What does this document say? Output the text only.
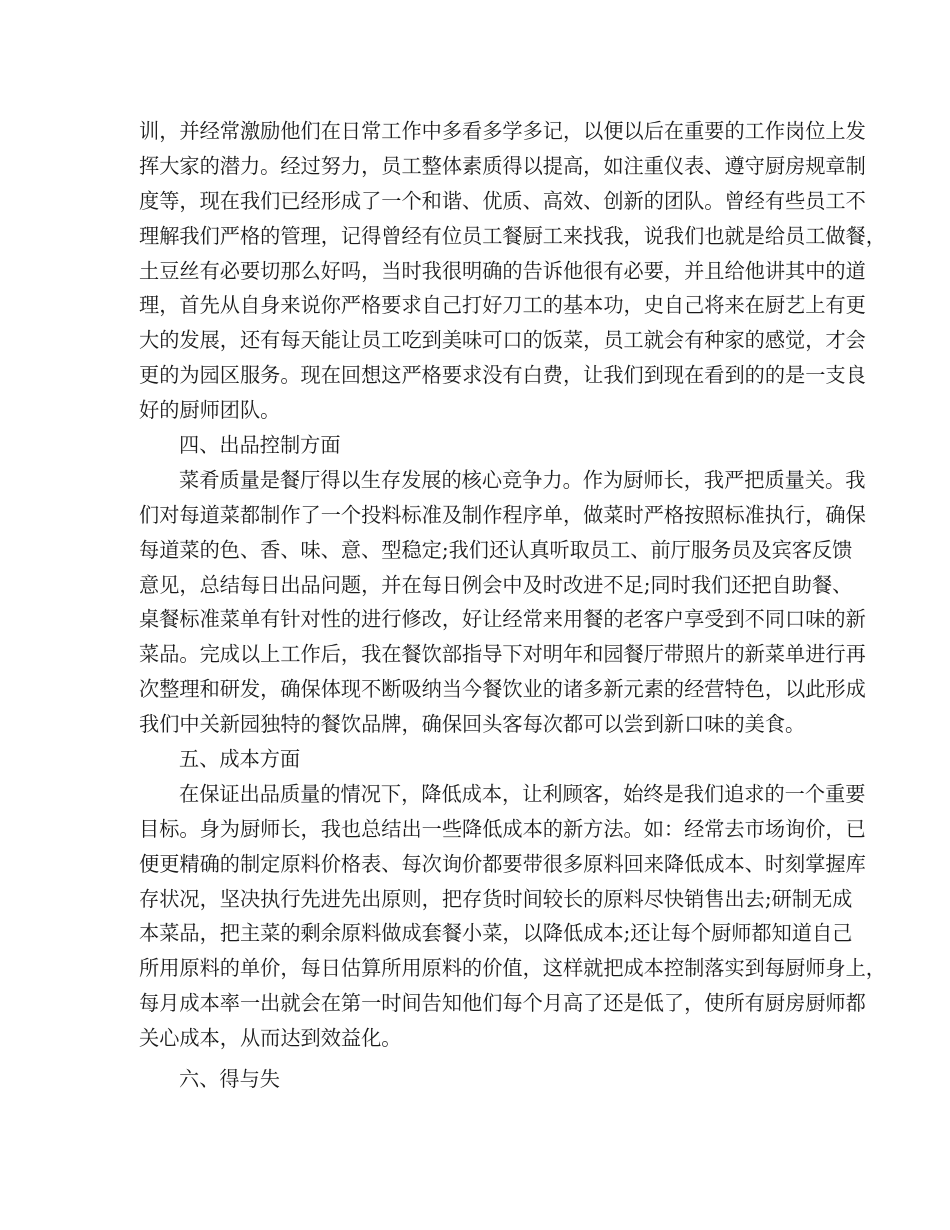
训，并经常激励他们在日常工作中多看多学多记，以便以后在重要的工作岗位上发
挥大家的潜力。经过努力，员工整体素质得以提高，如注重仪表、遵守厨房规章制
度等，现在我们已经形成了一个和谐、优质、高效、创新的团队。曾经有些员工不
理解我们严格的管理，记得曾经有位员工餐厨工来找我，说我们也就是给员工做餐，
土豆丝有必要切那么好吗，当时我很明确的告诉他很有必要，并且给他讲其中的道
理，首先从自身来说你严格要求自己打好刀工的基本功，史自己将来在厨艺上有更
大的发展，还有每天能让员工吃到美味可口的饭菜，员工就会有种家的感觉，才会
更的为园区服务。现在回想这严格要求没有白费，让我们到现在看到的的是一支良
好的厨师团队。
四、出品控制方面
菜肴质量是餐厅得以生存发展的核心竞争力。作为厨师长，我严把质量关。我
们对每道菜都制作了一个投料标准及制作程序单，做菜时严格按照标准执行，确保
每道菜的色、香、味、意、型稳定;我们还认真听取员工、前厅服务员及宾客反馈
意见，总结每日出品问题，并在每日例会中及时改进不足;同时我们还把自助餐、
桌餐标准菜单有针对性的进行修改，好让经常来用餐的老客户享受到不同口味的新
菜品。完成以上工作后，我在餐饮部指导下对明年和园餐厅带照片的新菜单进行再
次整理和研发，确保体现不断吸纳当今餐饮业的诸多新元素的经营特色，以此形成
我们中关新园独特的餐饮品牌，确保回头客每次都可以尝到新口味的美食。
五、成本方面
在保证出品质量的情况下，降低成本，让利顾客，始终是我们追求的一个重要
目标。身为厨师长，我也总结出一些降低成本的新方法。如：经常去市场询价，已
便更精确的制定原料价格表、每次询价都要带很多原料回来降低成本、时刻掌握库
存状况，坚决执行先进先出原则，把存货时间较长的原料尽快销售出去;研制无成
本菜品，把主菜的剩余原料做成套餐小菜，以降低成本;还让每个厨师都知道自己
所用原料的单价，每日估算所用原料的价值，这样就把成本控制落实到每厨师身上，
每月成本率一出就会在第一时间告知他们每个月高了还是低了，使所有厨房厨师都
关心成本，从而达到效益化。
六、得与失
